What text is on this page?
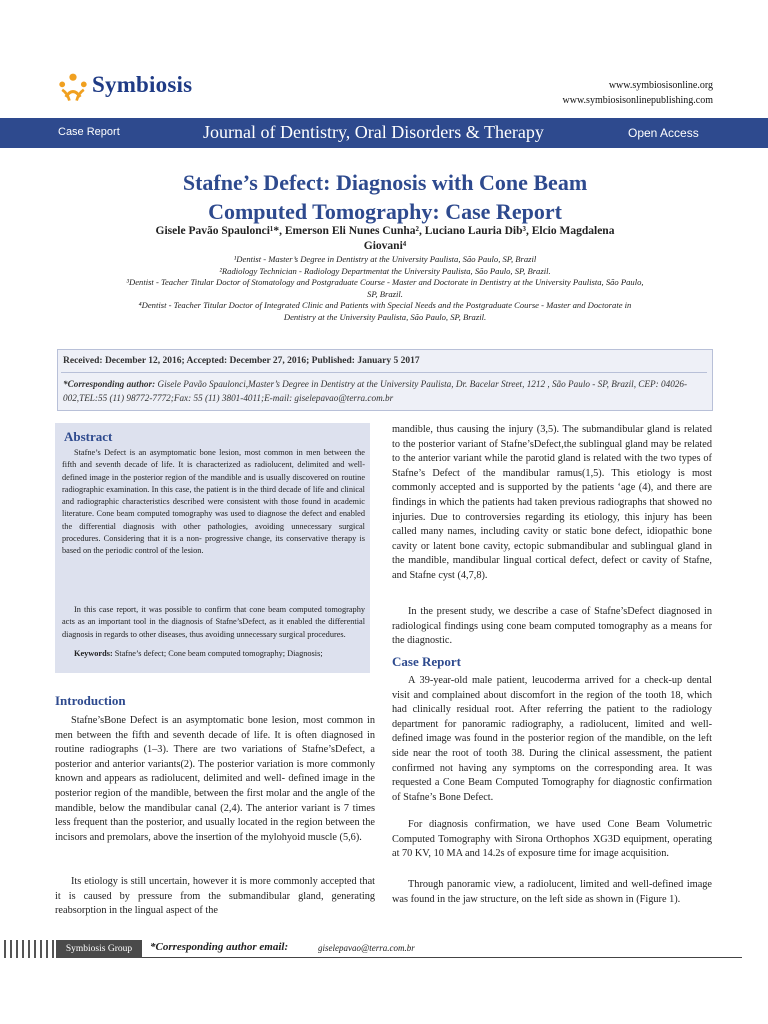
Symbiosis	www.symbiosisonline.org
www.symbiosisonlinepublishing.com
Case Report	Journal of Dentistry, Oral Disorders & Therapy	Open Access
Stafne’s Defect: Diagnosis with Cone Beam
Computed Tomography: Case Report
Gisele Pavão Spaulonci¹*, Emerson Eli Nunes Cunha², Luciano Lauria Dib³, Elcio Magdalena
Giovani⁴
¹Dentist - Master’s Degree in Dentistry at the University Paulista, São Paulo, SP, Brazil
²Radiology Technician - Radiology Departmentat the University Paulista, São Paulo, SP, Brazil.
³Dentist - Teacher Titular Doctor of Stomatology and Postgraduate Course - Master and Doctorate in Dentistry at the University Paulista, São Paulo,
SP, Brazil.
⁴Dentist - Teacher Titular Doctor of Integrated Clinic and Patients with Special Needs and the Postgraduate Course - Master and Doctorate in
Dentistry at the University Paulista, São Paulo, SP, Brazil.
Received: December 12, 2016; Accepted: December 27, 2016; Published: January 5 2017
*Corresponding author: Gisele Pavão Spaulonci,Master’s Degree in Dentistry at the University Paulista, Dr. Bacelar Street, 1212 , São Paulo - SP, Brazil, CEP: 04026-002,TEL:55 (11) 98772-7772;Fax: 55 (11) 3801-4011;E-mail: giselepavao@terra.com.br
Abstract
Stafne’s Defect is an asymptomatic bone lesion, most common in men between the fifth and seventh decade of life. It is characterized as radiolucent, delimited and well- defined image in the posterior region of the mandible and is usually discovered on routine radiographic examination. In this case, the patient is in the third decade of life and clinical and radiographic characteristics described were consistent with those found in academic literature. Cone beam computed tomography was used to diagnose the defect and enabled the differential diagnosis with other pathologies, avoiding unnecessary surgical procedures. Considering that it is a non- progressive change, its conservative therapy is based on the periodic control of the lesion.
In this case report, it was possible to confirm that cone beam computed tomography acts as an important tool in the diagnosis of Stafne’sDefect, as it enabled the differential diagnosis in regards to other diseases, thus avoiding unnecessary surgical procedures.
Keywords: Stafne’s defect; Cone beam computed tomography; Diagnosis;
Introduction
Stafne’sBone Defect is an asymptomatic bone lesion, most common in men between the fifth and seventh decade of life. It is often diagnosed in routine radiographs (1–3). There are two variations of Stafne’sDefect, a posterior and anterior variants(2). The posterior variation is more commonly known and appears as radiolucent, delimited and well- defined image in the posterior region of the mandible, between the first molar and the angle of the mandible, below the mandibular canal (2,4). The anterior variant is 7 times less frequent than the posterior, and usually located in the region between the incisors and premolars, above the insertion of the mylohyoid muscle (5,6).
Its etiology is still uncertain, however it is more commonly accepted that it is caused by pressure from the submandibular gland, generating reabsorption in the lingual aspect of the
mandible, thus causing the injury (3,5). The submandibular gland is related to the posterior variant of Stafne’sDefect,the sublingual gland may be related to the anterior variant while the parotid gland is related with the two types of Stafne’s Defect of the mandibular ramus(1,5). This etiology is most commonly accepted and is supported by the patients ‘age (4), and there are findings in which the patients had taken previous radiographs that showed no injuries. Due to controversies regarding its etiology, this injury has been called many names, including cavity or static bone defect, idiopathic bone cavity or latent bone cavity, ectopic submandibular and sublingual gland in the mandible, mandibular lingual cortical defect, defect or cavity of Stafne, and Stafne cyst (4,7,8).
In the present study, we describe a case of Stafne’sDefect diagnosed in radiological findings using cone beam computed tomography as a means for the diagnostic.
Case Report
A 39-year-old male patient, leucoderma arrived for a check-up dental visit and complained about discomfort in the region of the tooth 18, which had clinically residual root. After referring the patient to the radiology department for panoramic radiography, a radiolucent, limited and well-defined image was found in the posterior region of the mandible, on the left side near the root of tooth 38. During the clinical assessment, the patient confirmed not having any symptoms on the corresponding area. It was requested a Cone Beam Computed Tomography for diagnostic confirmation of Stafne’s Bone Defect.
For diagnosis confirmation, we have used Cone Beam Volumetric Computed Tomography with Sirona Orthophos XG3D equipment, operating at 70 KV, 10 MA and 14.2s of exposure time for image acquisition.
Through panoramic view, a radiolucent, limited and well-defined image was found in the jaw structure, on the left side as shown in (Figure 1).
Symbiosis Group	*Corresponding author email:	giselepavao@terra.com.br
